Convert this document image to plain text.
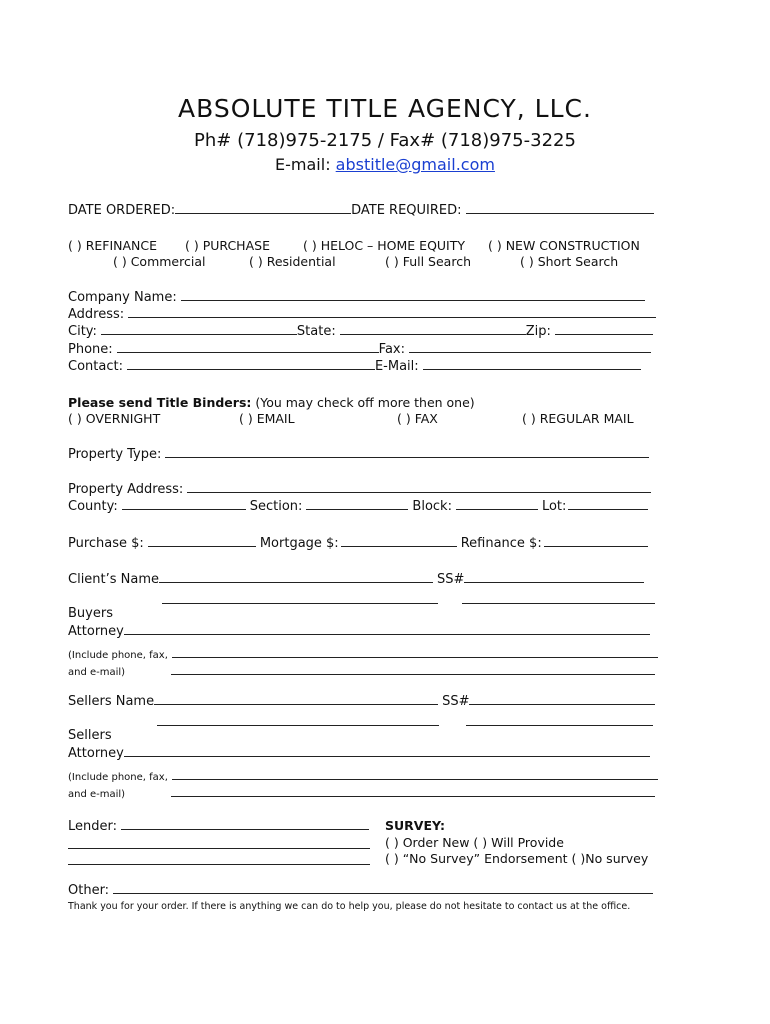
ABSOLUTE TITLE AGENCY, LLC.
Ph# (718)975-2175 / Fax# (718)975-3225
E-mail: abstitle@gmail.com
DATE ORDERED:	DATE REQUIRED:
( ) REFINANCE ( ) PURCHASE	( ) HELOC – HOME EQUITY ( ) NEW CONSTRUCTION
( ) Commercial	( ) Residential	( ) Full Search	( ) Short Search
Company Name:
Address:
City:	State:	Zip:
Phone:	Fax:
Contact:	E-Mail:
Please send Title Binders: (You may check off more then one)
( ) OVERNIGHT	( ) EMAIL	( ) FAX	( ) REGULAR MAIL
Property Type:
Property Address:
County:	Section:	Block:	Lot:
Purchase $:	Mortgage $:	Refinance $:
Client’s Name	SS#
Buyers
Attorney
(Include phone, fax,
and e-mail)
Sellers Name	SS#
Sellers
Attorney
(Include phone, fax,
and e-mail)
Lender:	SURVEY:
( ) Order New ( ) Will Provide
( ) “No Survey” Endorsement ( )No survey
Other:
Thank you for your order. If there is anything we can do to help you, please do not hesitate to contact us at the office.
